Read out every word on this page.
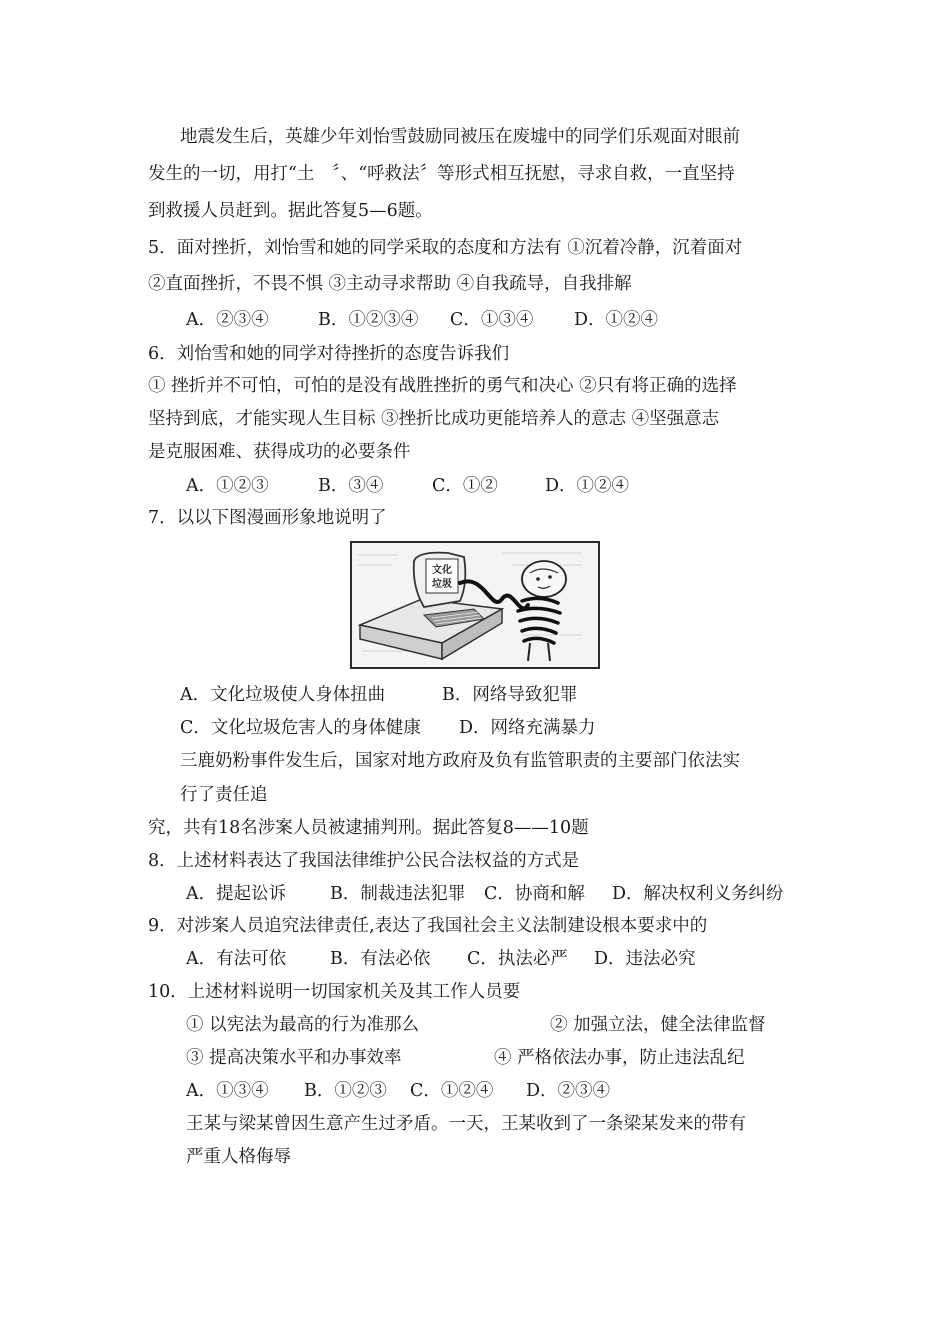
地震发生后，英雄少年刘怡雪鼓励同被压在废墟中的同学们乐观面对眼前
发生的一切，用打“土　〞、“呼救法〞等形式相互抚慰，寻求自救，一直坚持
到救援人员赶到。据此答复5—6题。
5．面对挫折，刘怡雪和她的同学采取的态度和方法有 ①沉着冷静，沉着面对
②直面挫折，不畏不惧 ③主动寻求帮助 ④自我疏导，自我排解
A．②③④	B．①②③④ C．①③④ D．①②④
6．刘怡雪和她的同学对待挫折的态度告诉我们
① 挫折并不可怕，可怕的是没有战胜挫折的勇气和决心 ②只有将正确的选择
坚持到底，才能实现人生目标 ③挫折比成功更能培养人的意志 ④坚强意志
是克服困难、获得成功的必要条件
A．①②③	B．③④	C．①②	D．①②④
7．以以下图漫画形象地说明了
文化
垃圾
A．文化垃圾使人身体扭曲	B．网络导致犯罪
C．文化垃圾危害人的身体健康 D．网络充满暴力
三鹿奶粉事件发生后，国家对地方政府及负有监管职责的主要部门依法实
行了责任追
究，共有18名涉案人员被逮捕判刑。据此答复8——10题
8．上述材料表达了我国法律维护公民合法权益的方式是
A．提起讼诉	B．制裁违法犯罪 C．协商和解 D．解决权利义务纠纷
9．对涉案人员追究法律责任,表达了我国社会主义法制建设根本要求中的
A．有法可依	B．有法必依 C．执法必严 D．违法必究
10．上述材料说明一切国家机关及其工作人员要
① 以宪法为最高的行为准那么	② 加强立法，健全法律监督
③ 提高决策水平和办事效率	④ 严格依法办事，防止违法乱纪
A．①③④ B．①②③ C．①②④ D．②③④
王某与梁某曾因生意产生过矛盾。一天，王某收到了一条梁某发来的带有
严重人格侮辱
